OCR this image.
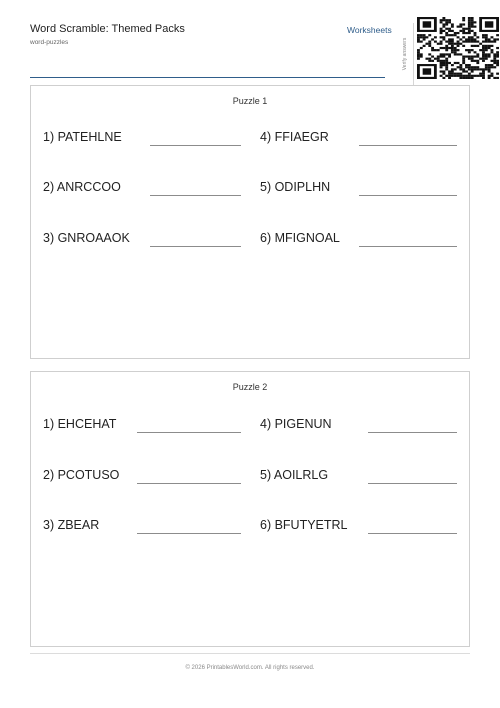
Word Scramble: Themed Packs
word-puzzles
Worksheets
Verify answers
Puzzle 1
1) PATEHLNE
2) ANRCCOO
3) GNROAAOK
4) FFIAEGR
5) ODIPLHN
6) MFIGNOAL
Puzzle 2
1) EHCEHAT
2) PCOTUSO
3) ZBEAR
4) PIGENUN
5) AOILRLG
6) BFUTYETRL
© 2026 PrintablesWorld.com. All rights reserved.
